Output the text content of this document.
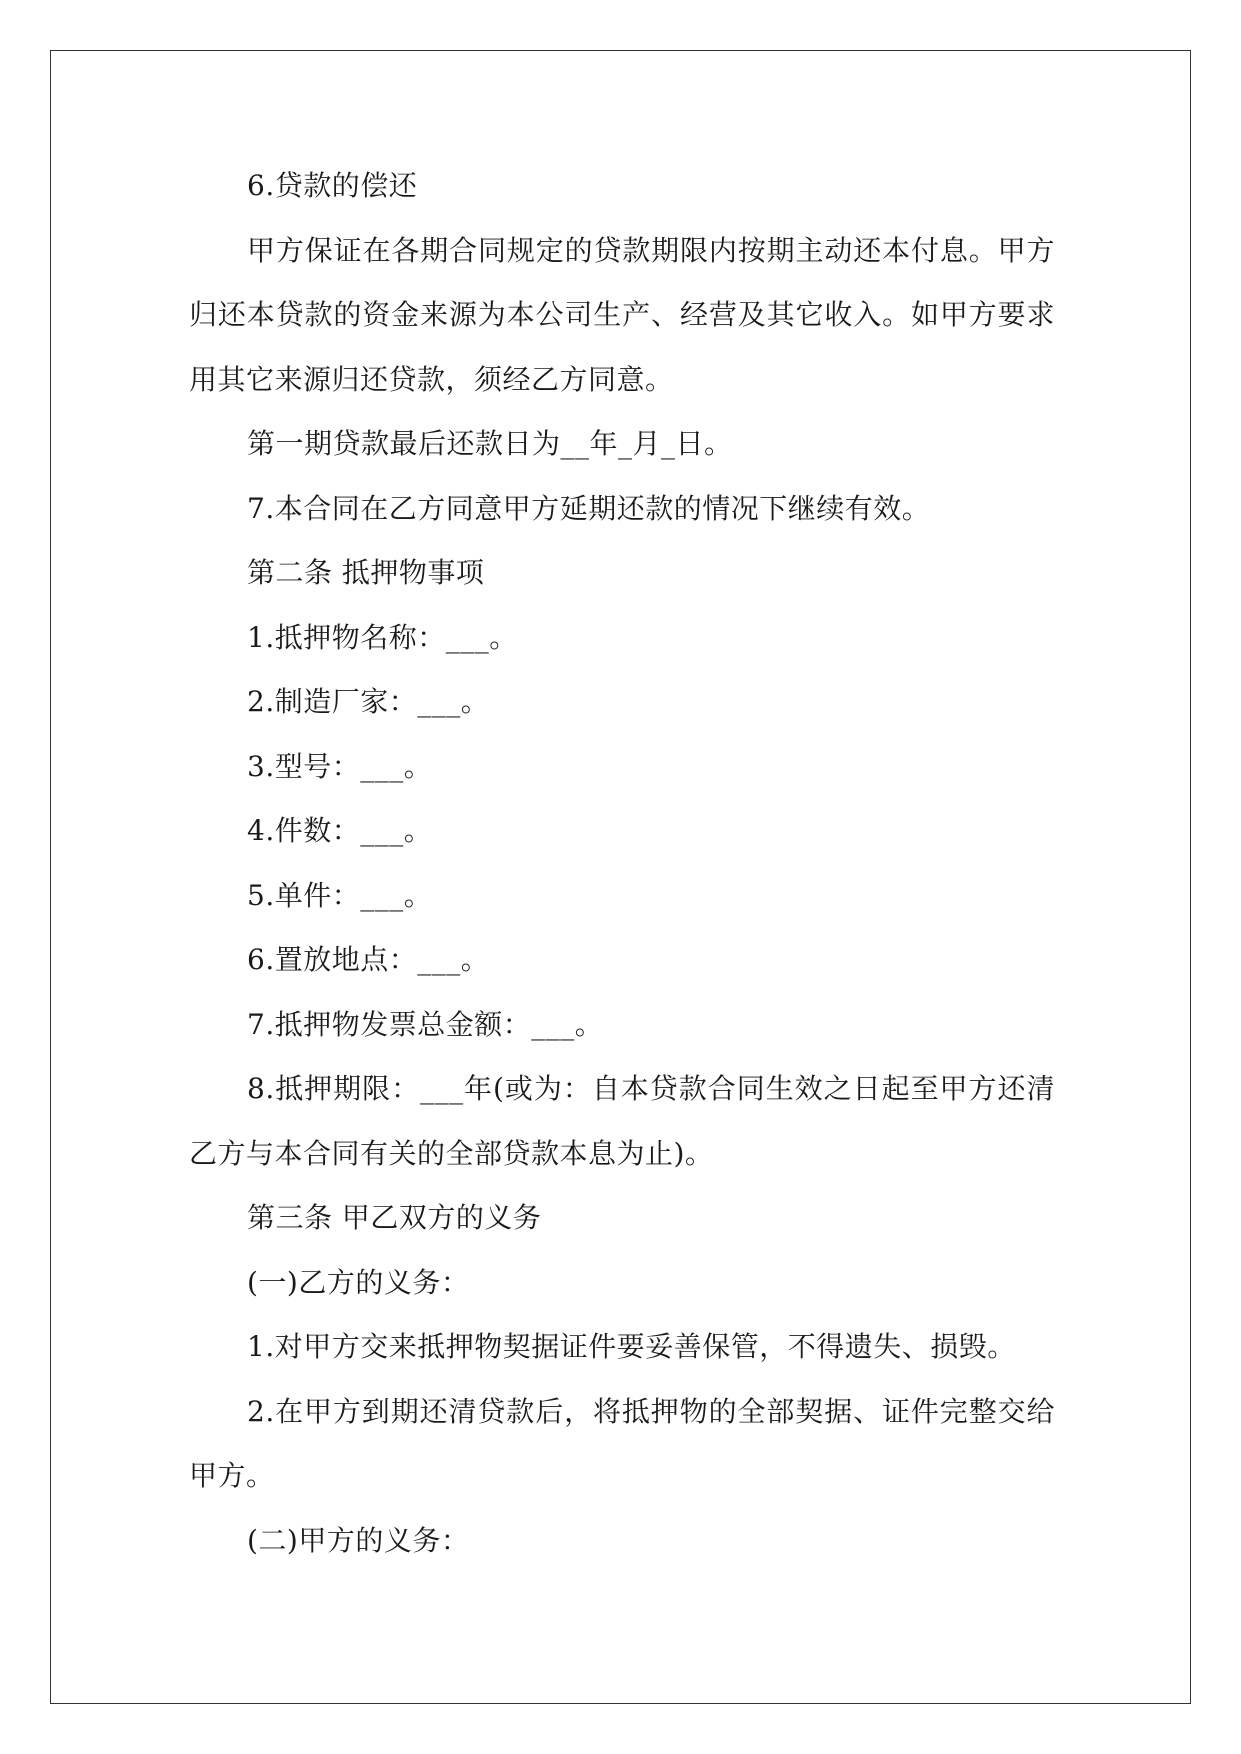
6.贷款的偿还

甲方保证在各期合同规定的贷款期限内按期主动还本付息。甲方归还本贷款的资金来源为本公司生产、经营及其它收入。如甲方要求用其它来源归还贷款，须经乙方同意。

第一期贷款最后还款日为__年_月_日。

7.本合同在乙方同意甲方延期还款的情况下继续有效。

第二条 抵押物事项

1.抵押物名称：___。

2.制造厂家：___。

3.型号：___。

4.件数：___。

5.单件：___。

6.置放地点：___。

7.抵押物发票总金额：___。

8.抵押期限：___年(或为：自本贷款合同生效之日起至甲方还清乙方与本合同有关的全部贷款本息为止)。

第三条 甲乙双方的义务

(一)乙方的义务：

1.对甲方交来抵押物契据证件要妥善保管，不得遗失、损毁。

2.在甲方到期还清贷款后，将抵押物的全部契据、证件完整交给甲方。

(二)甲方的义务：
